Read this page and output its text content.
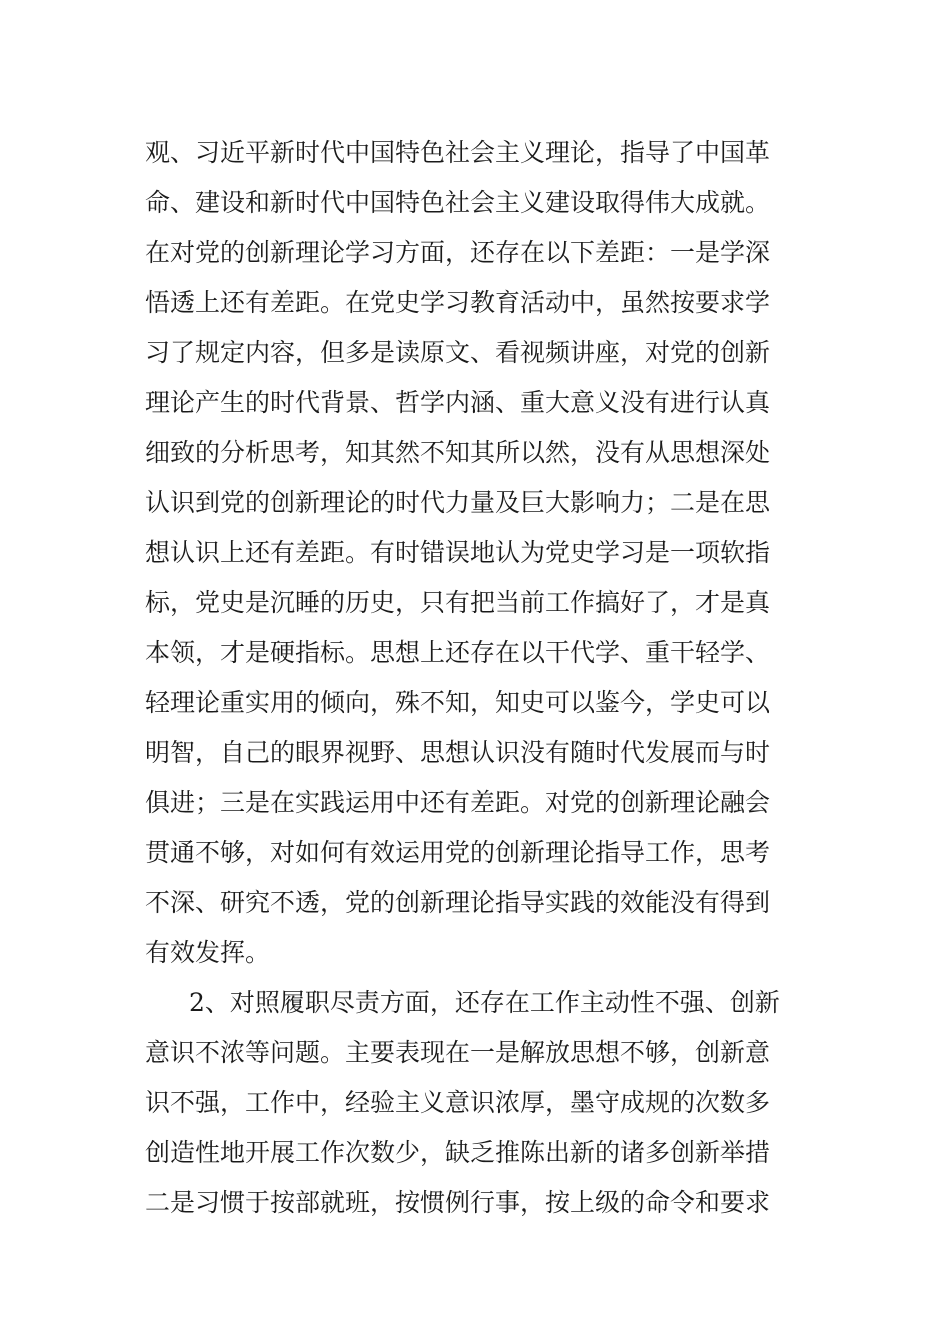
观、习近平新时代中国特色社会主义理论，指导了中国革
命、建设和新时代中国特色社会主义建设取得伟大成就。
在对党的创新理论学习方面，还存在以下差距：一是学深
悟透上还有差距。在党史学习教育活动中，虽然按要求学
习了规定内容，但多是读原文、看视频讲座，对党的创新
理论产生的时代背景、哲学内涵、重大意义没有进行认真
细致的分析思考，知其然不知其所以然，没有从思想深处
认识到党的创新理论的时代力量及巨大影响力；二是在思
想认识上还有差距。有时错误地认为党史学习是一项软指
标，党史是沉睡的历史，只有把当前工作搞好了，才是真
本领，才是硬指标。思想上还存在以干代学、重干轻学、
轻理论重实用的倾向，殊不知，知史可以鉴今，学史可以
明智，自己的眼界视野、思想认识没有随时代发展而与时
俱进；三是在实践运用中还有差距。对党的创新理论融会
贯通不够，对如何有效运用党的创新理论指导工作，思考
不深、研究不透，党的创新理论指导实践的效能没有得到
有效发挥。
2、对照履职尽责方面，还存在工作主动性不强、创新
意识不浓等问题。主要表现在一是解放思想不够，创新意
识不强，工作中，经验主义意识浓厚，墨守成规的次数多
创造性地开展工作次数少，缺乏推陈出新的诸多创新举措
二是习惯于按部就班，按惯例行事，按上级的命令和要求
